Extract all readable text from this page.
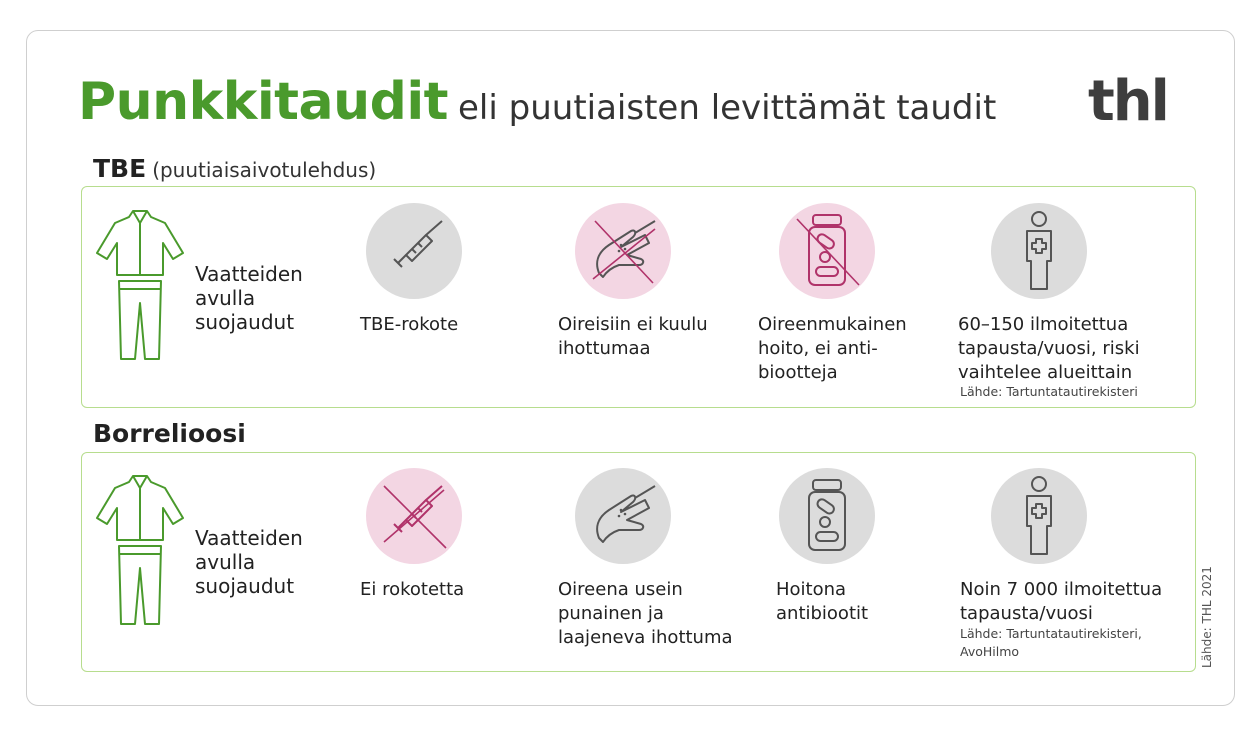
Punkkitaudit eli puutiaisten levittämät taudit thl
TBE (puutiaisaivotulehdus)
Vaatteiden
avulla
suojaudut	TBE-rokote	Oireisiin ei kuulu
ihottumaa
Oireenmukainen
hoito, ei anti-
biootteja
60–150 ilmoitettua
tapausta/vuosi, riski
vaihtelee alueittain
Lähde: Tartuntatautirekisteri
Borrelioosi
Vaatteiden
avulla
suojaudut	Ei rokotetta	Oireena usein
punainen ja
laajeneva ihottuma
Hoitona
antibiootit
Noin 7 000 ilmoitettua
tapausta/vuosi
Lähde: Tartuntatautirekisteri,
AvoHilmo	Lähde: THL 2021
